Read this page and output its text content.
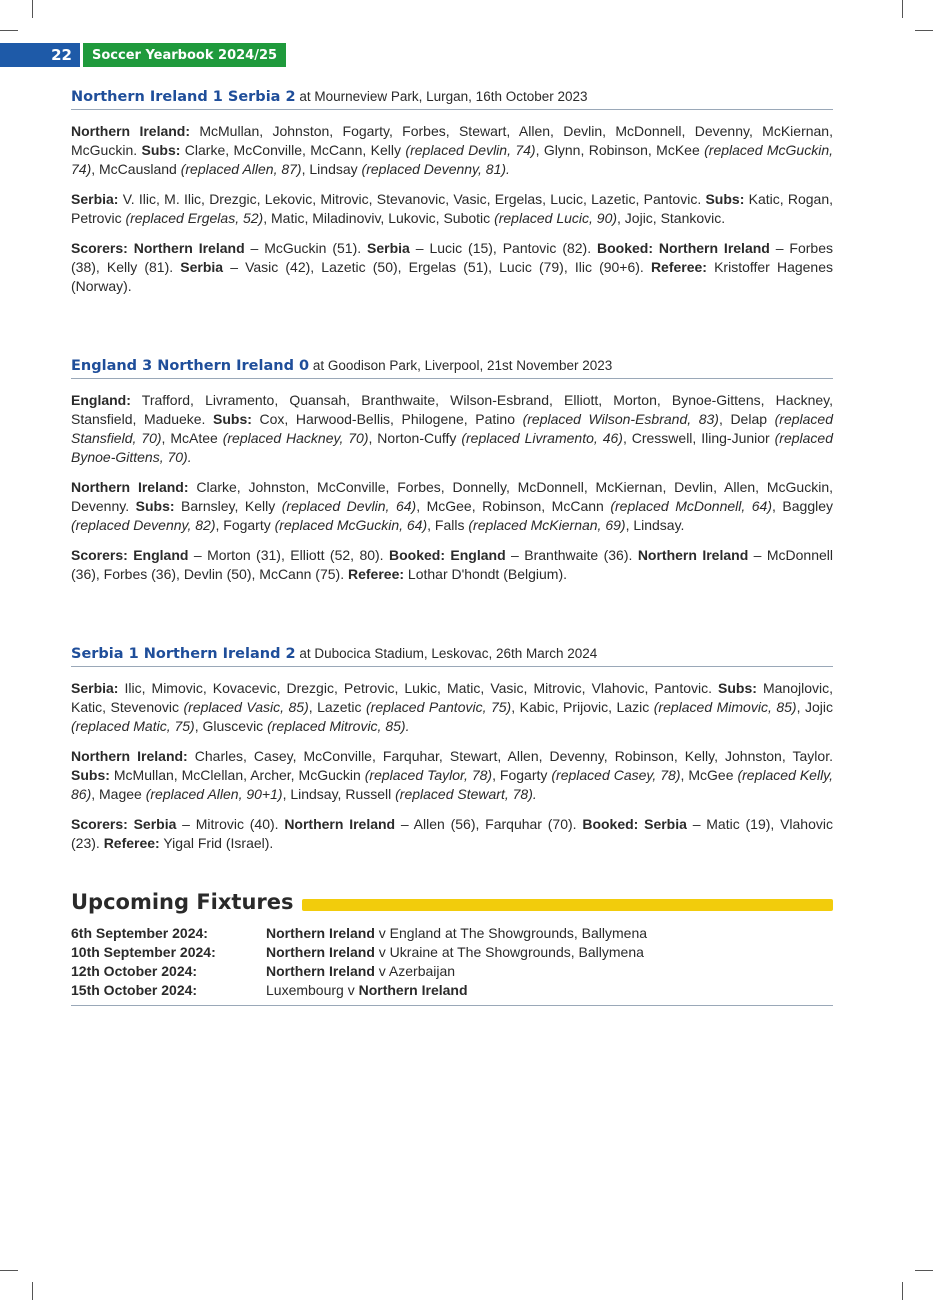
22	Soccer Yearbook 2024/25
Northern Ireland 1 Serbia 2 at Mourneview Park, Lurgan, 16th October 2023

Northern Ireland: McMullan, Johnston, Fogarty, Forbes, Stewart, Allen, Devlin, McDonnell, Devenny, McKiernan, McGuckin. Subs: Clarke, McConville, McCann, Kelly (replaced Devlin, 74), Glynn, Robinson, McKee (replaced McGuckin, 74), McCausland (replaced Allen, 87), Lindsay (replaced Devenny, 81).

Serbia: V. Ilic, M. Ilic, Drezgic, Lekovic, Mitrovic, Stevanovic, Vasic, Ergelas, Lucic, Lazetic, Pantovic. Subs: Katic, Rogan, Petrovic (replaced Ergelas, 52), Matic, Miladinoviv, Lukovic, Subotic (replaced Lucic, 90), Jojic, Stankovic.

Scorers: Northern Ireland – McGuckin (51). Serbia – Lucic (15), Pantovic (82). Booked: Northern Ireland – Forbes (38), Kelly (81). Serbia – Vasic (42), Lazetic (50), Ergelas (51), Lucic (79), Ilic (90+6). Referee: Kristoffer Hagenes (Norway).

England 3 Northern Ireland 0 at Goodison Park, Liverpool, 21st November 2023

England: Trafford, Livramento, Quansah, Branthwaite, Wilson-Esbrand, Elliott, Morton, Bynoe-Gittens, Hackney, Stansfield, Madueke. Subs: Cox, Harwood-Bellis, Philogene, Patino (replaced Wilson-Esbrand, 83), Delap (replaced Stansfield, 70), McAtee (replaced Hackney, 70), Norton-Cuffy (replaced Livramento, 46), Cresswell, Iling-Junior (replaced Bynoe-Gittens, 70).

Northern Ireland: Clarke, Johnston, McConville, Forbes, Donnelly, McDonnell, McKiernan, Devlin, Allen, McGuckin, Devenny. Subs: Barnsley, Kelly (replaced Devlin, 64), McGee, Robinson, McCann (replaced McDonnell, 64), Baggley (replaced Devenny, 82), Fogarty (replaced McGuckin, 64), Falls (replaced McKiernan, 69), Lindsay.

Scorers: England – Morton (31), Elliott (52, 80). Booked: England – Branthwaite (36). Northern Ireland – McDonnell (36), Forbes (36), Devlin (50), McCann (75). Referee: Lothar D'hondt (Belgium).

Serbia 1 Northern Ireland 2 at Dubocica Stadium, Leskovac, 26th March 2024

Serbia: Ilic, Mimovic, Kovacevic, Drezgic, Petrovic, Lukic, Matic, Vasic, Mitrovic, Vlahovic, Pantovic. Subs: Manojlovic, Katic, Stevenovic (replaced Vasic, 85), Lazetic (replaced Pantovic, 75), Kabic, Prijovic, Lazic (replaced Mimovic, 85), Jojic (replaced Matic, 75), Gluscevic (replaced Mitrovic, 85).

Northern Ireland: Charles, Casey, McConville, Farquhar, Stewart, Allen, Devenny, Robinson, Kelly, Johnston, Taylor. Subs: McMullan, McClellan, Archer, McGuckin (replaced Taylor, 78), Fogarty (replaced Casey, 78), McGee (replaced Kelly, 86), Magee (replaced Allen, 90+1), Lindsay, Russell (replaced Stewart, 78).

Scorers: Serbia – Mitrovic (40). Northern Ireland – Allen (56), Farquhar (70). Booked: Serbia – Matic (19), Vlahovic (23). Referee: Yigal Frid (Israel).

Upcoming Fixtures
6th September 2024:	Northern Ireland v England at The Showgrounds, Ballymena
10th September 2024:	Northern Ireland v Ukraine at The Showgrounds, Ballymena
12th October 2024:	Northern Ireland v Azerbaijan
15th October 2024:	Luxembourg v Northern Ireland
